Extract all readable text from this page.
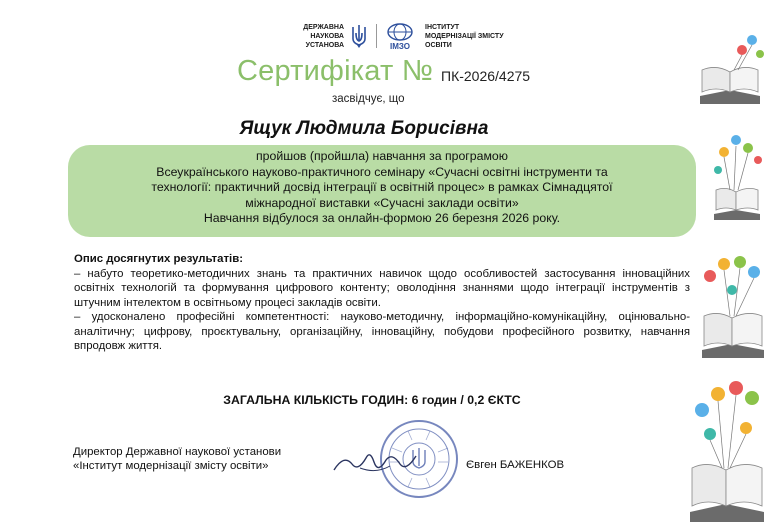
ДЕРЖАВНА
НАУКОВА
УСТАНОВА	ІМЗО
ІНСТИТУТ
МОДЕРНІЗАЦІЇ ЗМІСТУ
ОСВІТИ
Сертифікат № ПК-2026/4275
засвідчує, що
Ящук Людмила Борисівна
пройшов (пройшла) навчання за програмою
Всеукраїнського науково-практичного семінару «Сучасні освітні інструменти та
технології: практичний досвід інтеграції в освітній процес» в рамках Сімнадцятої
міжнародної виставки «Сучасні заклади освіти»
Навчання відбулося за онлайн-формою 26 березня 2026 року.
Опис досягнутих результатів:

– набуто теоретико-методичних знань та практичних навичок щодо особливостей застосування інноваційних освітніх технологій та формування цифрового контенту; оволодіння знаннями щодо інтеграції інструментів з штучним інтелектом в освітньому процесі закладів освіти.

– удосконалено професійні компетентності: науково-методичну, інформаційно-комунікаційну, оцінювально-аналітичну; цифрову, проєктувальну, організаційну, інноваційну, побудови професійного розвитку, навчання впродовж життя.

ЗАГАЛЬНА КІЛЬКІСТЬ ГОДИН: 6 годин / 0,2 ЄКТС
Директор Державної наукової установи
«Інститут модернізації змісту освіти»	Євген БАЖЕНКОВ
